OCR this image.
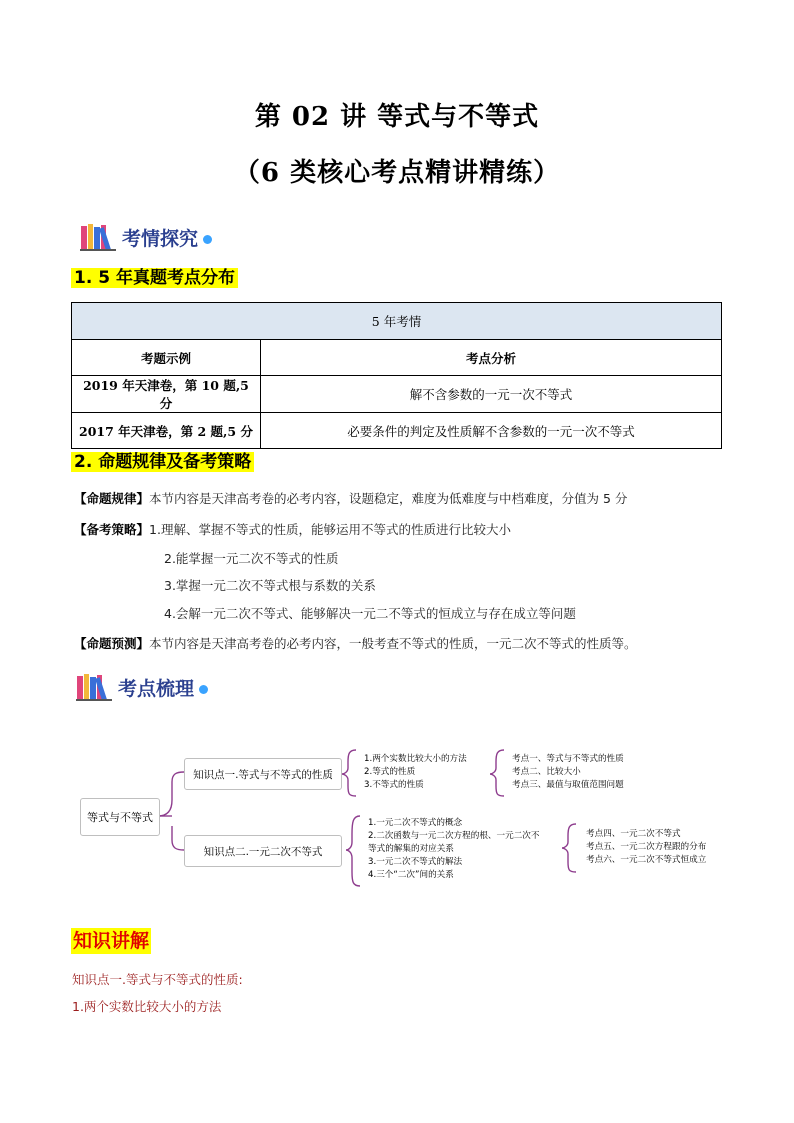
第 02 讲 等式与不等式
（6 类核心考点精讲精练）
考情探究
1. 5 年真题考点分布
5 年考情	
考题示例	考点分析
2019 年天津卷，第 10 题,5 分	解不含参数的一元一次不等式
2017 年天津卷，第 2 题,5 分	必要条件的判定及性质解不含参数的一元一次不等式
2. 命题规律及备考策略
【命题规律】本节内容是天津高考卷的必考内容，设题稳定，难度为低难度与中档难度，分值为 5 分
【备考策略】1.理解、掌握不等式的性质，能够运用不等式的性质进行比较大小
2.能掌握一元二次不等式的性质
3.掌握一元二次不等式根与系数的关系
4.会解一元二次不等式、能够解决一元二不等式的恒成立与存在成立等问题
【命题预测】本节内容是天津高考卷的必考内容，一般考查不等式的性质，一元二次不等式的性质等。
考点梳理
等式与不等式
知识点一.等式与不等式的性质
知识点二.一元二次不等式
1.两个实数比较大小的方法
2.等式的性质
3.不等式的性质
考点一、等式与不等式的性质
考点二、比较大小
考点三、最值与取值范围问题
1.一元二次不等式的概念
2.二次函数与一元二次方程的根、一元二次不
等式的解集的对应关系
3.一元二次不等式的解法
4.三个“二次”间的关系
考点四、一元二次不等式
考点五、一元二次方程跟的分布
考点六、一元二次不等式恒成立
知识讲解
知识点一.等式与不等式的性质:
1.两个实数比较大小的方法
